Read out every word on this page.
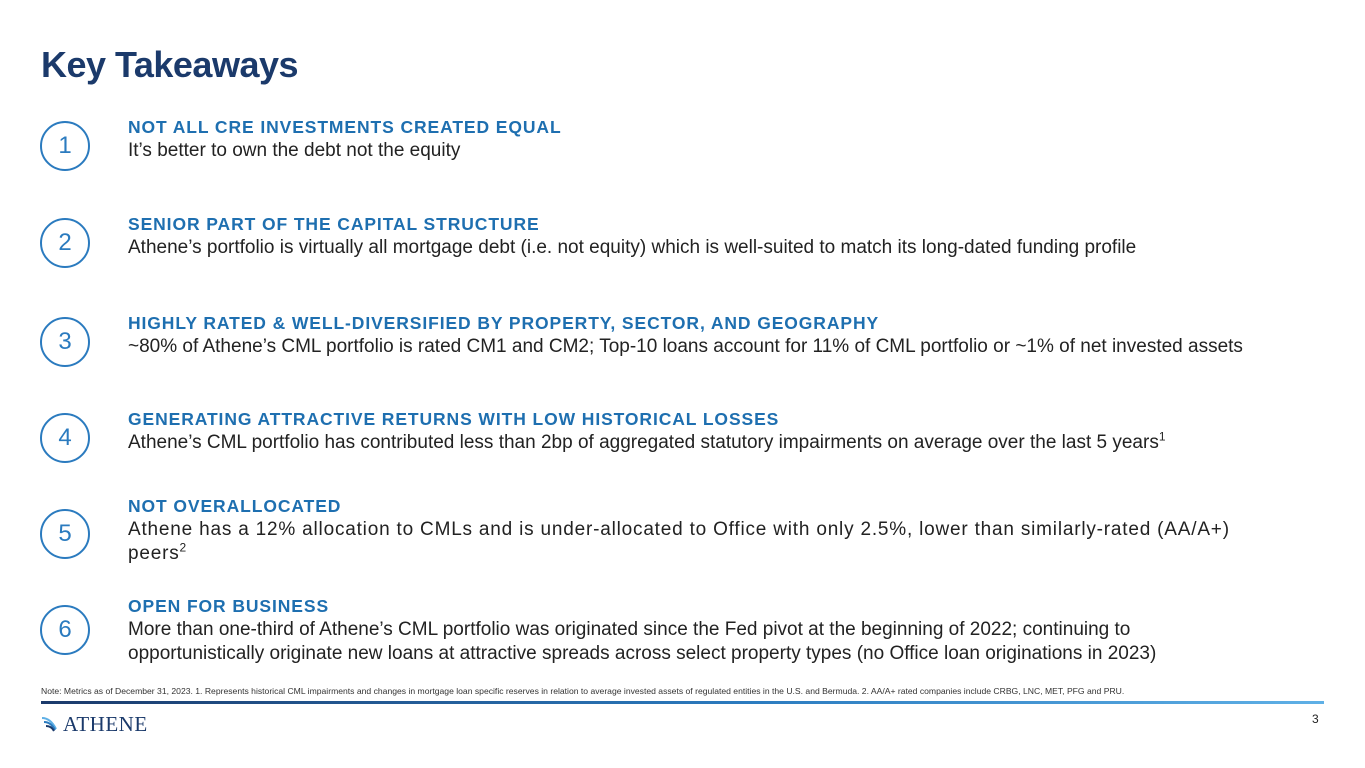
Key Takeaways
1
NOT ALL CRE INVESTMENTS CREATED EQUAL
It’s better to own the debt not the equity
2
SENIOR PART OF THE CAPITAL STRUCTURE
Athene’s portfolio is virtually all mortgage debt (i.e. not equity) which is well-suited to match its long-dated funding profile
3
HIGHLY RATED & WELL-DIVERSIFIED BY PROPERTY, SECTOR, AND GEOGRAPHY
~80% of Athene’s CML portfolio is rated CM1 and CM2; Top-10 loans account for 11% of CML portfolio or ~1% of net invested assets
4
GENERATING ATTRACTIVE RETURNS WITH LOW HISTORICAL LOSSES
Athene’s CML portfolio has contributed less than 2bp of aggregated statutory impairments on average over the last 5 years$^1$
5
NOT OVERALLOCATED
Athene has a 12% allocation to CMLs and is under-allocated to Office with only 2.5%, lower than similarly-rated (AA/A+) peers$^2$
6
OPEN FOR BUSINESS
More than one-third of Athene’s CML portfolio was originated since the Fed pivot at the beginning of 2022; continuing to opportunistically originate new loans at attractive spreads across select property types (no Office loan originations in 2023)
Note: Metrics as of December 31, 2023. 1. Represents historical CML impairments and changes in mortgage loan specific reserves in relation to average invested assets of regulated entities in the U.S. and Bermuda. 2. AA/A+ rated companies include CRBG, LNC, MET, PFG and PRU.
ATHENE	3
